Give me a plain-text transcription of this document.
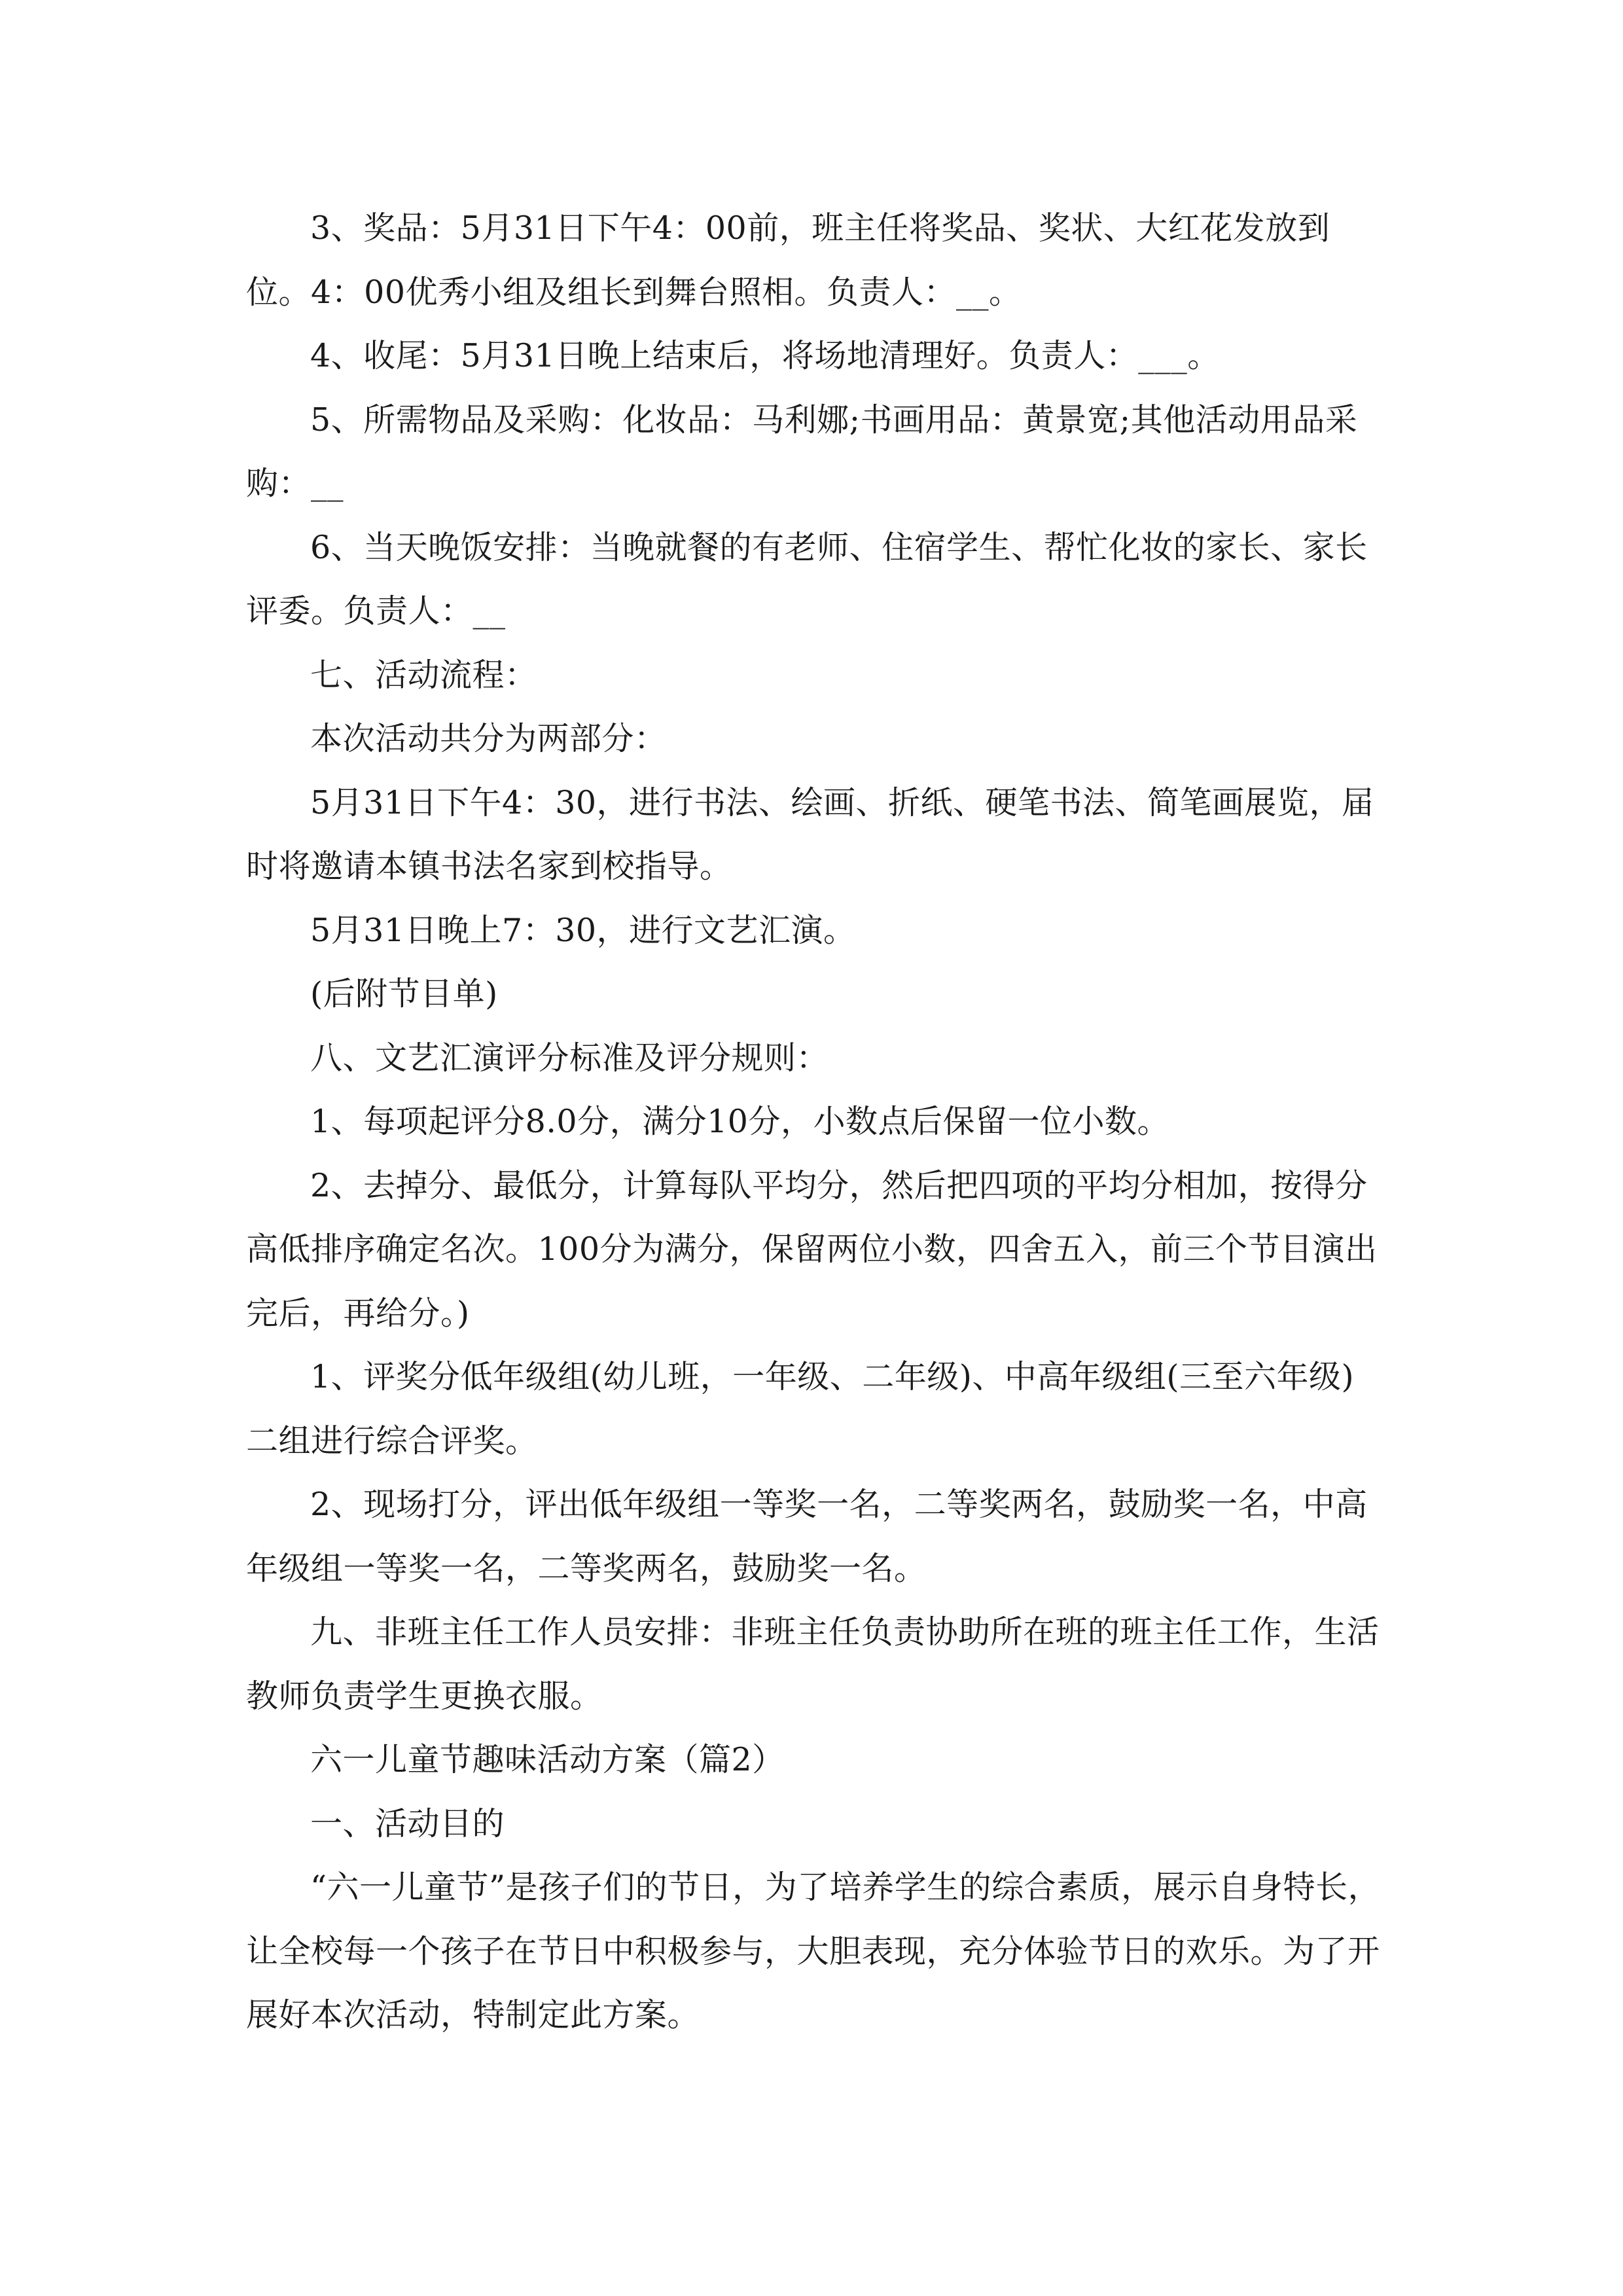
3、奖品：5月31日下午4：00前，班主任将奖品、奖状、大红花发放到位。4：00优秀小组及组长到舞台照相。负责人：__。

4、收尾：5月31日晚上结束后，将场地清理好。负责人：___。

5、所需物品及采购：化妆品：马利娜;书画用品：黄景宽;其他活动用品采购：__

6、当天晚饭安排：当晚就餐的有老师、住宿学生、帮忙化妆的家长、家长评委。负责人：__

七、活动流程：

本次活动共分为两部分：

5月31日下午4：30，进行书法、绘画、折纸、硬笔书法、简笔画展览，届时将邀请本镇书法名家到校指导。

5月31日晚上7：30，进行文艺汇演。

(后附节目单)

八、文艺汇演评分标准及评分规则：

1、每项起评分8.0分，满分10分，小数点后保留一位小数。

2、去掉分、最低分，计算每队平均分，然后把四项的平均分相加，按得分高低排序确定名次。100分为满分，保留两位小数，四舍五入，前三个节目演出完后，再给分。)

1、评奖分低年级组(幼儿班，一年级、二年级)、中高年级组(三至六年级)二组进行综合评奖。

2、现场打分，评出低年级组一等奖一名，二等奖两名，鼓励奖一名，中高年级组一等奖一名，二等奖两名，鼓励奖一名。

九、非班主任工作人员安排：非班主任负责协助所在班的班主任工作，生活教师负责学生更换衣服。

六一儿童节趣味活动方案（篇2）

一、活动目的

“六一儿童节”是孩子们的节日，为了培养学生的综合素质，展示自身特长，让全校每一个孩子在节日中积极参与，大胆表现，充分体验节日的欢乐。为了开展好本次活动，特制定此方案。
